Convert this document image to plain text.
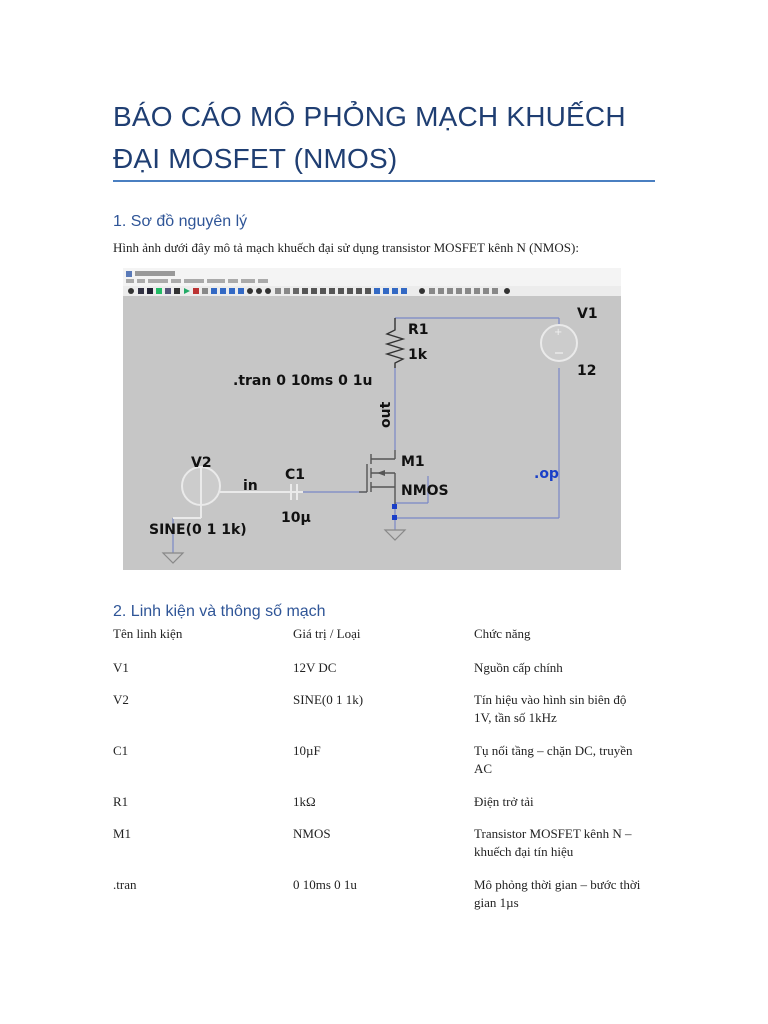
BÁO CÁO MÔ PHỎNG MẠCH KHUẾCH ĐẠI MOSFET (NMOS)
1. Sơ đồ nguyên lý

Hình ảnh dưới đây mô tả mạch khuếch đại sử dụng transistor MOSFET kênh N (NMOS):

+
R1
1k
V1
12
.tran 0 10ms 0 1u
V2
in
C1
10µ
M1
NMOS
SINE(0 1 1k)
out
.op
2. Linh kiện và thông số mạch
Tên linh kiện	Giá trị / Loại	Chức năng
V1	12V DC	Nguồn cấp chính
V2	SINE(0 1 1k)	Tín hiệu vào hình sin biên độ 1V, tần số 1kHz
C1	10µF	Tụ nối tầng – chặn DC, truyền AC
R1	1kΩ	Điện trở tải
M1	NMOS	Transistor MOSFET kênh N – khuếch đại tín hiệu
.tran	0 10ms 0 1u	Mô phỏng thời gian – bước thời gian 1µs
